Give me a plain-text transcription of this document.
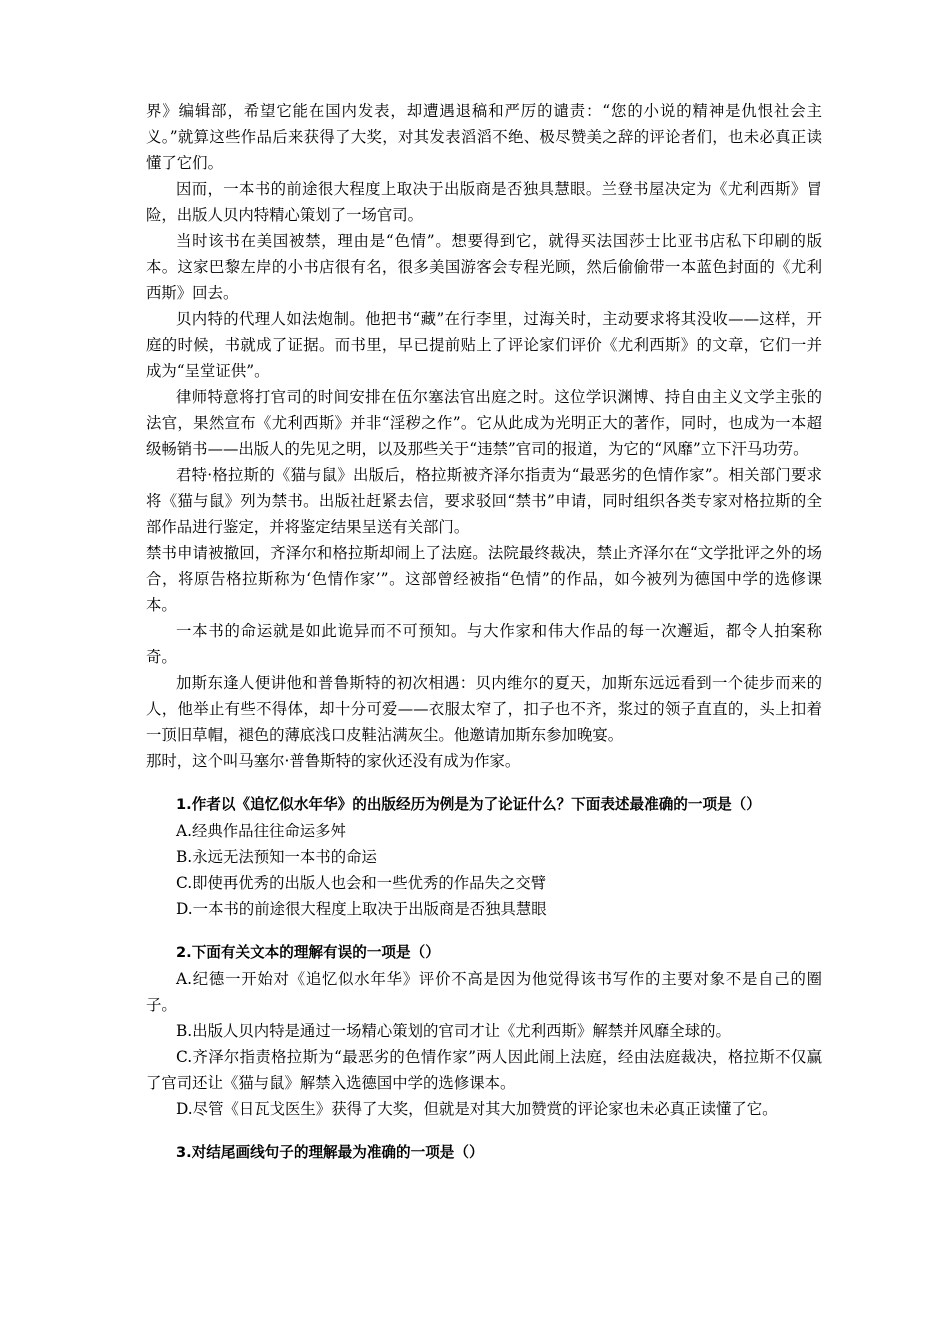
界》编辑部，希望它能在国内发表，却遭遇退稿和严厉的谴责：“您的小说的精神是仇恨社会主义。”就算这些作品后来获得了大奖，对其发表滔滔不绝、极尽赞美之辞的评论者们，也未必真正读懂了它们。

因而，一本书的前途很大程度上取决于出版商是否独具慧眼。兰登书屋决定为《尤利西斯》冒险，出版人贝内特精心策划了一场官司。

当时该书在美国被禁，理由是“色情”。想要得到它，就得买法国莎士比亚书店私下印刷的版本。这家巴黎左岸的小书店很有名，很多美国游客会专程光顾，然后偷偷带一本蓝色封面的《尤利西斯》回去。

贝内特的代理人如法炮制。他把书“藏”在行李里，过海关时，主动要求将其没收——这样，开庭的时候，书就成了证据。而书里，早已提前贴上了评论家们评价《尤利西斯》的文章，它们一并成为“呈堂证供”。

律师特意将打官司的时间安排在伍尔塞法官出庭之时。这位学识渊博、持自由主义文学主张的法官，果然宣布《尤利西斯》并非“淫秽之作”。它从此成为光明正大的著作，同时，也成为一本超级畅销书——出版人的先见之明，以及那些关于“违禁”官司的报道，为它的“风靡”立下汗马功劳。

君特·格拉斯的《猫与鼠》出版后，格拉斯被齐泽尔指责为“最恶劣的色情作家”。相关部门要求将《猫与鼠》列为禁书。出版社赶紧去信，要求驳回“禁书”申请，同时组织各类专家对格拉斯的全部作品进行鉴定，并将鉴定结果呈送有关部门。

禁书申请被撤回，齐泽尔和格拉斯却闹上了法庭。法院最终裁决，禁止齐泽尔在“文学批评之外的场合，将原告格拉斯称为‘色情作家’”。这部曾经被指“色情”的作品，如今被列为德国中学的选修课本。

一本书的命运就是如此诡异而不可预知。与大作家和伟大作品的每一次邂逅，都令人拍案称奇。

加斯东逢人便讲他和普鲁斯特的初次相遇：贝内维尔的夏天，加斯东远远看到一个徒步而来的人，他举止有些不得体，却十分可爱——衣服太窄了，扣子也不齐，浆过的领子直直的，头上扣着一顶旧草帽，褪色的薄底浅口皮鞋沾满灰尘。他邀请加斯东参加晚宴。

那时，这个叫马塞尔·普鲁斯特的家伙还没有成为作家。

1.作者以《追忆似水年华》的出版经历为例是为了论证什么？下面表述最准确的一项是（）

A.经典作品往往命运多舛

B.永远无法预知一本书的命运

C.即使再优秀的出版人也会和一些优秀的作品失之交臂

D.一本书的前途很大程度上取决于出版商是否独具慧眼

2.下面有关文本的理解有误的一项是（）

A.纪德一开始对《追忆似水年华》评价不高是因为他觉得该书写作的主要对象不是自己的圈子。

B.出版人贝内特是通过一场精心策划的官司才让《尤利西斯》解禁并风靡全球的。

C.齐泽尔指责格拉斯为“最恶劣的色情作家”两人因此闹上法庭，经由法庭裁决，格拉斯不仅赢了官司还让《猫与鼠》解禁入选德国中学的选修课本。

D.尽管《日瓦戈医生》获得了大奖，但就是对其大加赞赏的评论家也未必真正读懂了它。

3.对结尾画线句子的理解最为准确的一项是（）
